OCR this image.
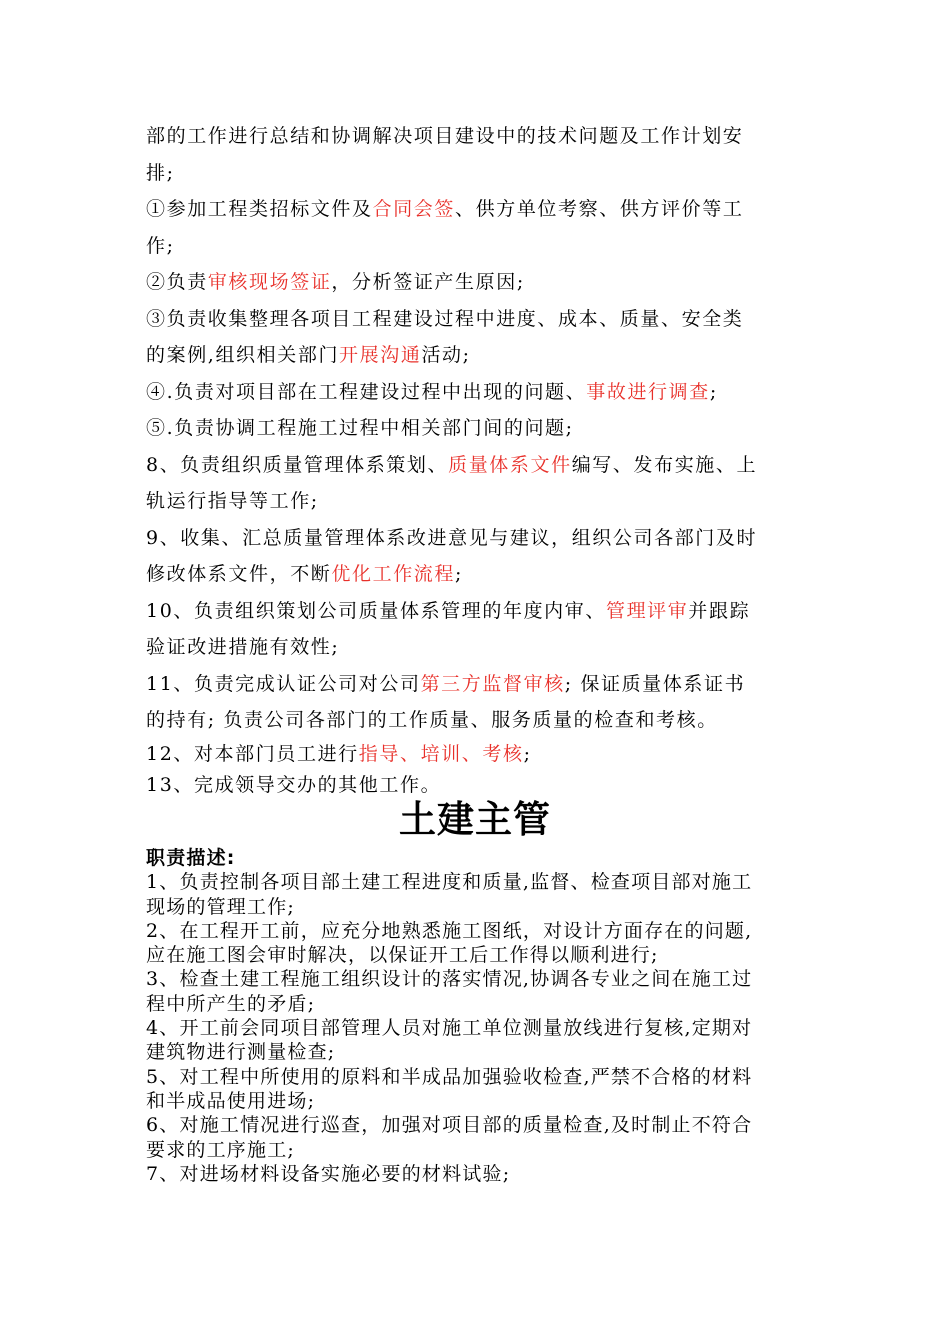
部的工作进行总结和协调解决项目建设中的技术问题及工作计划安

排;

①参加工程类招标文件及合同会签、供方单位考察、供方评价等工

作;

②负责审核现场签证，分析签证产生原因;

③负责收集整理各项目工程建设过程中进度、成本、质量、安全类

的案例,组织相关部门开展沟通活动;

④.负责对项目部在工程建设过程中出现的问题、事故进行调查;

⑤.负责协调工程施工过程中相关部门间的问题;

8、负责组织质量管理体系策划、质量体系文件编写、发布实施、上

轨运行指导等工作;

9、收集、汇总质量管理体系改进意见与建议，组织公司各部门及时

修改体系文件，不断优化工作流程;

10、负责组织策划公司质量体系管理的年度内审、管理评审并跟踪

验证改进措施有效性;

11、负责完成认证公司对公司第三方监督审核; 保证质量体系证书

的持有; 负责公司各部门的工作质量、服务质量的检查和考核。

12、对本部门员工进行指导、培训、考核;

13、完成领导交办的其他工作。

土建主管

职责描述:

1、负责控制各项目部土建工程进度和质量,监督、检查项目部对施工

现场的管理工作;

2、在工程开工前，应充分地熟悉施工图纸，对设计方面存在的问题,

应在施工图会审时解决，以保证开工后工作得以顺利进行;

3、检查土建工程施工组织设计的落实情况,协调各专业之间在施工过

程中所产生的矛盾;

4、开工前会同项目部管理人员对施工单位测量放线进行复核,定期对

建筑物进行测量检查;

5、对工程中所使用的原料和半成品加强验收检查,严禁不合格的材料

和半成品使用进场;

6、对施工情况进行巡查，加强对项目部的质量检查,及时制止不符合

要求的工序施工;

7、对进场材料设备实施必要的材料试验;
